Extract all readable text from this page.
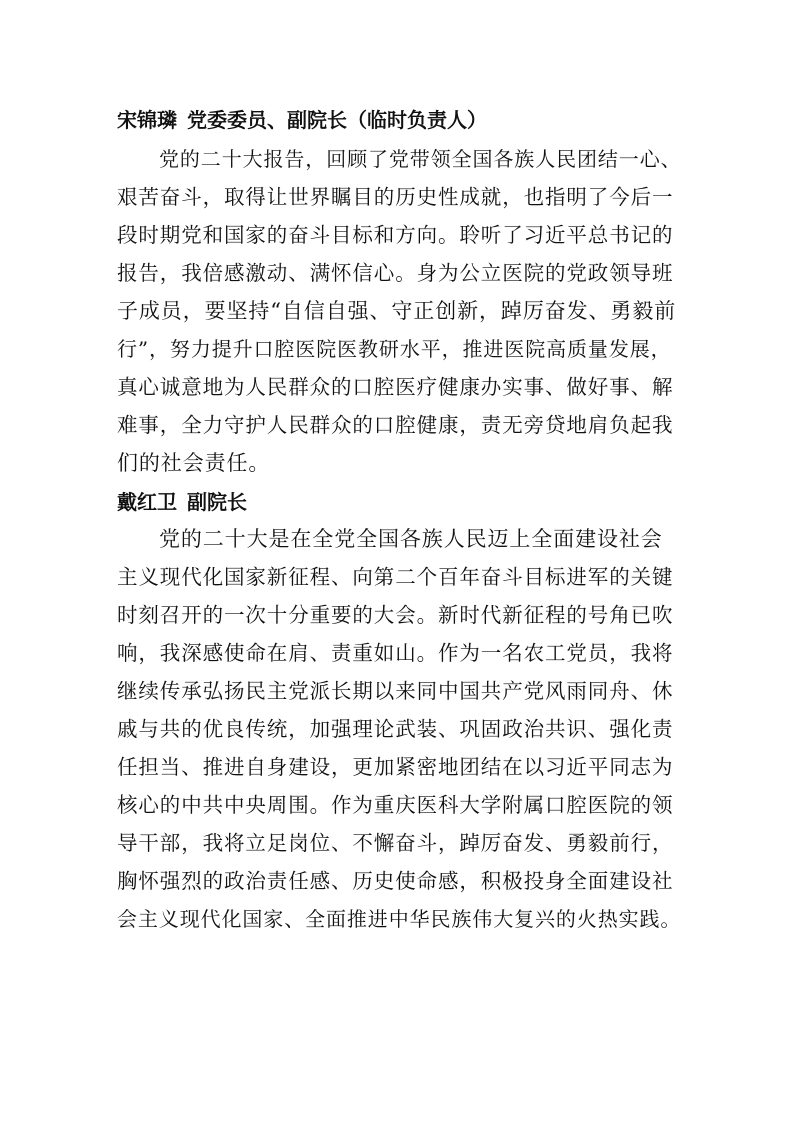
宋锦璘 党委委员、副院长（临时负责人）
党的二十大报告，回顾了党带领全国各族人民团结一心、
艰苦奋斗，取得让世界瞩目的历史性成就，也指明了今后一
段时期党和国家的奋斗目标和方向。聆听了习近平总书记的
报告，我倍感激动、满怀信心。身为公立医院的党政领导班
子成员，要坚持“自信自强、守正创新，踔厉奋发、勇毅前
行”，努力提升口腔医院医教研水平，推进医院高质量发展，
真心诚意地为人民群众的口腔医疗健康办实事、做好事、解
难事，全力守护人民群众的口腔健康，责无旁贷地肩负起我
们的社会责任。
戴红卫 副院长
党的二十大是在全党全国各族人民迈上全面建设社会
主义现代化国家新征程、向第二个百年奋斗目标进军的关键
时刻召开的一次十分重要的大会。新时代新征程的号角已吹
响，我深感使命在肩、责重如山。作为一名农工党员，我将
继续传承弘扬民主党派长期以来同中国共产党风雨同舟、休
戚与共的优良传统，加强理论武装、巩固政治共识、强化责
任担当、推进自身建设，更加紧密地团结在以习近平同志为
核心的中共中央周围。作为重庆医科大学附属口腔医院的领
导干部，我将立足岗位、不懈奋斗，踔厉奋发、勇毅前行，
胸怀强烈的政治责任感、历史使命感，积极投身全面建设社
会主义现代化国家、全面推进中华民族伟大复兴的火热实践。
